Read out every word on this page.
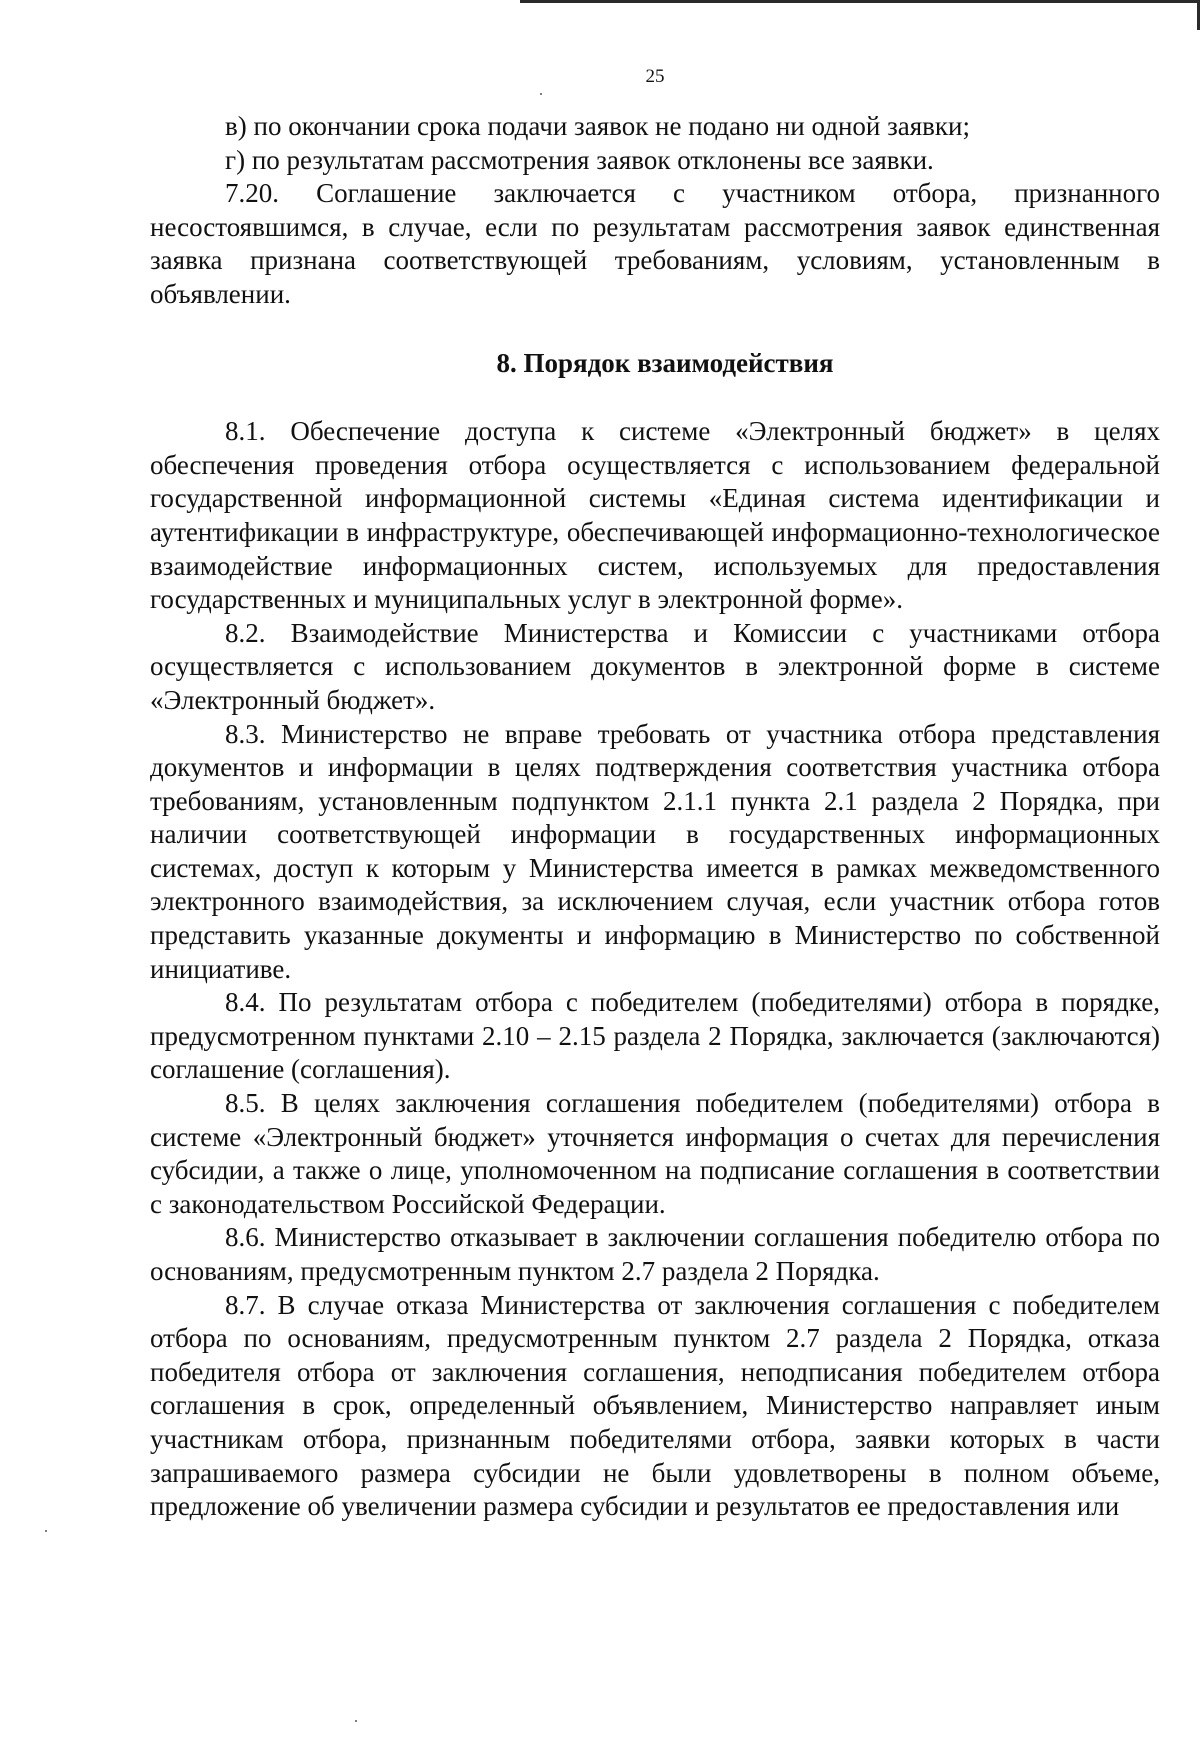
25

в) по окончании срока подачи заявок не подано ни одной заявки;

г) по результатам рассмотрения заявок отклонены все заявки.

7.20. Соглашение заключается с участником отбора, признанного несостоявшимся, в случае, если по результатам рассмотрения заявок единственная заявка признана соответствующей требованиям, условиям, установленным в объявлении.

8. Порядок взаимодействия

8.1. Обеспечение доступа к системе «Электронный бюджет» в целях обеспечения проведения отбора осуществляется с использованием федеральной государственной информационной системы «Единая система идентификации и аутентификации в инфраструктуре, обеспечивающей информационно-технологическое взаимодействие информационных систем, используемых для предоставления государственных и муниципальных услуг в электронной форме».

8.2. Взаимодействие Министерства и Комиссии с участниками отбора осуществляется с использованием документов в электронной форме в системе «Электронный бюджет».

8.3. Министерство не вправе требовать от участника отбора представления документов и информации в целях подтверждения соответствия участника отбора требованиям, установленным подпунктом 2.1.1 пункта 2.1 раздела 2 Порядка, при наличии соответствующей информации в государственных информационных системах, доступ к которым у Министерства имеется в рамках межведомственного электронного взаимодействия, за исключением случая, если участник отбора готов представить указанные документы и информацию в Министерство по собственной инициативе.

8.4. По результатам отбора с победителем (победителями) отбора в порядке, предусмотренном пунктами 2.10 – 2.15 раздела 2 Порядка, заключается (заключаются) соглашение (соглашения).

8.5. В целях заключения соглашения победителем (победителями) отбора в системе «Электронный бюджет» уточняется информация о счетах для перечисления субсидии, а также о лице, уполномоченном на подписание соглашения в соответствии с законодательством Российской Федерации.

8.6. Министерство отказывает в заключении соглашения победителю отбора по основаниям, предусмотренным пунктом 2.7 раздела 2 Порядка.

8.7. В случае отказа Министерства от заключения соглашения с победителем отбора по основаниям, предусмотренным пунктом 2.7 раздела 2 Порядка, отказа победителя отбора от заключения соглашения, неподписания победителем отбора соглашения в срок, определенный объявлением, Министерство направляет иным участникам отбора, признанным победителями отбора, заявки которых в части запрашиваемого размера субсидии не были удовлетворены в полном объеме, предложение об увеличении размера субсидии и результатов ее предоставления или
